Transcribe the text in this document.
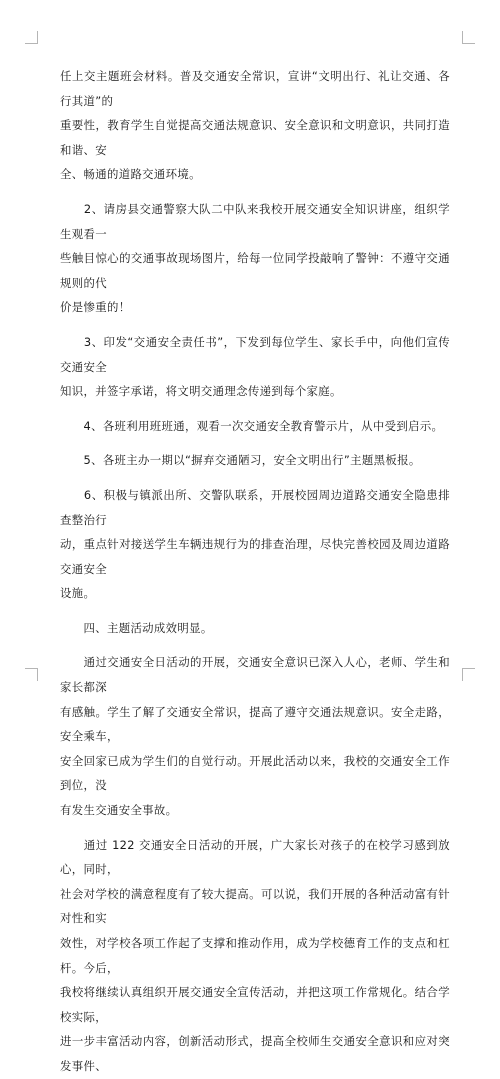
任上交主题班会材料。普及交通安全常识，宣讲“文明出行、礼让交通、各行其道”的
重要性，教育学生自觉提高交通法规意识、安全意识和文明意识，共同打造和谐、安
全、畅通的道路交通环境。
　　2、请房县交通警察大队二中队来我校开展交通安全知识讲座，组织学生观看一
些触目惊心的交通事故现场图片，给每一位同学投敲响了警钟：不遵守交通规则的代
价是惨重的！
　　3、印发“交通安全责任书”，下发到每位学生、家长手中，向他们宣传交通安全
知识，并签字承诺，将文明交通理念传递到每个家庭。
　　4、各班利用班班通，观看一次交通安全教育警示片，从中受到启示。
　　5、各班主办一期以“摒弃交通陋习，安全文明出行”主题黑板报。
　　6、积极与镇派出所、交警队联系，开展校园周边道路交通安全隐患排查整治行
动，重点针对接送学生车辆违规行为的排查治理，尽快完善校园及周边道路交通安全
设施。
　　四、主题活动成效明显。
　　通过交通安全日活动的开展，交通安全意识已深入人心，老师、学生和家长都深
有感触。学生了解了交通安全常识，提高了遵守交通法规意识。安全走路，安全乘车，
安全回家已成为学生们的自觉行动。开展此活动以来，我校的交通安全工作到位，没
有发生交通安全事故。
　　通过 122 交通安全日活动的开展，广大家长对孩子的在校学习感到放心，同时，
社会对学校的满意程度有了较大提高。可以说，我们开展的各种活动富有针对性和实
效性，对学校各项工作起了支撑和推动作用，成为学校德育工作的支点和杠杆。今后，
我校将继续认真组织开展交通安全宣传活动，并把这项工作常规化。结合学校实际，
进一步丰富活动内容，创新活动形式，提高全校师生交通安全意识和应对突发事件、
